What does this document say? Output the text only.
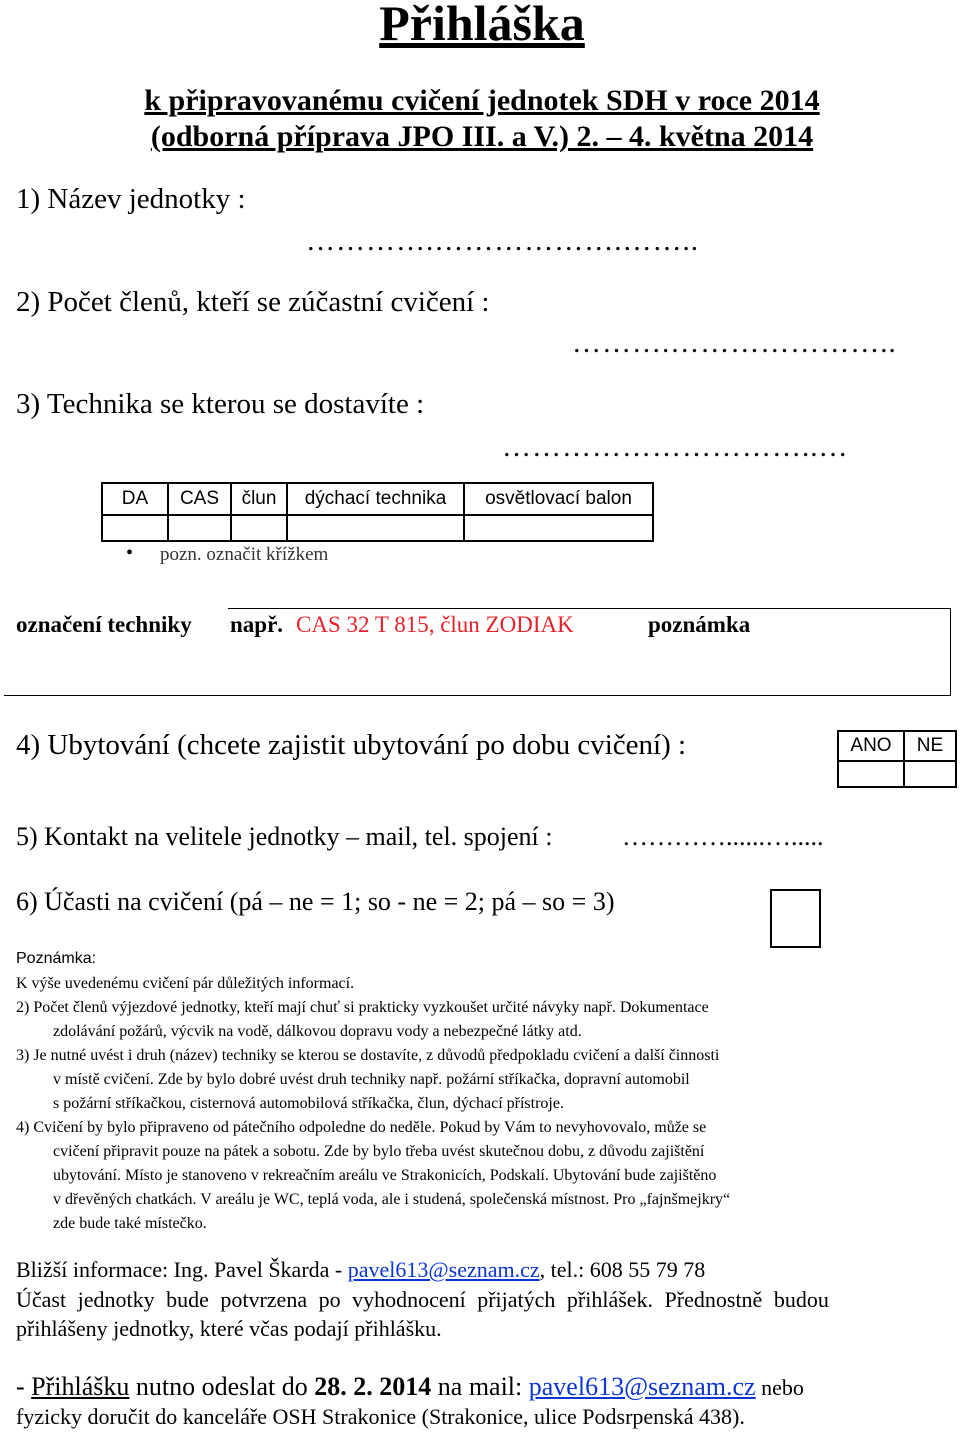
Přihláška
k připravovanému cvičení jednotek SDH v roce 2014
(odborná příprava JPO III. a V.) 2. – 4. května 2014
1) Název jednotky :
………….……………….……..
2) Počet členů, kteří se zúčastní cvičení :
……….…………………..
3) Technika se kterou se dostavíte :
…………………………..…
DA	CAS	člun	dýchací technika	osvětlovací balon

• pozn. označit křížkem
označení techniky např. CAS 32 T 815, člun ZODIAK	poznámka
4) Ubytování (chcete zajistit ubytování po dobu cvičení) :	ANO	NE

5) Kontakt na velitele jednotky – mail, tel. spojení :	…………......….....
6) Účasti na cvičení (pá – ne = 1; so - ne = 2; pá – so = 3)
Poznámka:
K výše uvedenému cvičení pár důležitých informací.
2) Počet členů výjezdové jednotky, kteří mají chuť si prakticky vyzkoušet určité návyky např. Dokumentace
zdolávání požárů, výcvik na vodě, dálkovou dopravu vody a nebezpečné látky atd.
3) Je nutné uvést i druh (název) techniky se kterou se dostavíte, z důvodů předpokladu cvičení a další činnosti
v místě cvičení. Zde by bylo dobré uvést druh techniky např. požární stříkačka, dopravní automobil
s požární stříkačkou, cisternová automobilová stříkačka, člun, dýchací přístroje.
4) Cvičení by bylo připraveno od pátečního odpoledne do neděle. Pokud by Vám to nevyhovovalo, může se
cvičení připravit pouze na pátek a sobotu. Zde by bylo třeba uvést skutečnou dobu, z důvodu zajištění
ubytování. Místo je stanoveno v rekreačním areálu ve Strakonicích, Podskalí. Ubytování bude zajištěno
v dřevěných chatkách. V areálu je WC, teplá voda, ale i studená, společenská místnost. Pro „fajnšmejkry“
zde bude také místečko.
Bližší informace: Ing. Pavel Škarda - pavel613@seznam.cz, tel.: 608 55 79 78
Účast jednotky bude potvrzena po vyhodnocení přijatých přihlášek. Přednostně budou
přihlášeny jednotky, které včas podají přihlášku.
- Přihlášku nutno odeslat do 28. 2. 2014 na mail: pavel613@seznam.cz nebo
fyzicky doručit do kanceláře OSH Strakonice (Strakonice, ulice Podsrpenská 438).
